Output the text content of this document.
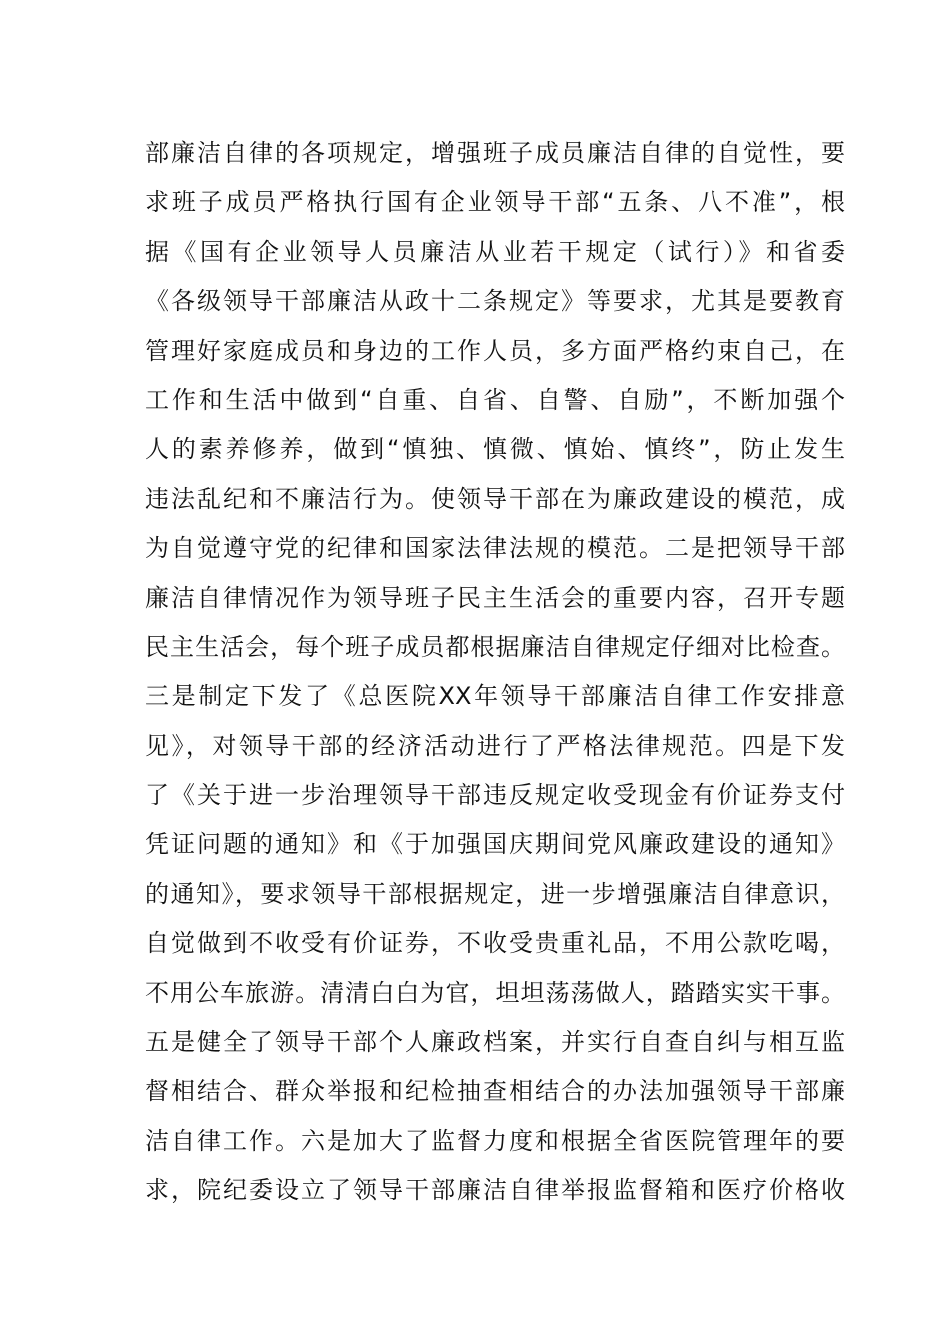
部廉洁自律的各项规定，增强班子成员廉洁自律的自觉性，要
求班子成员严格执行国有企业领导干部“五条、八不准”，根
据《国有企业领导人员廉洁从业若干规定（试行）》和省委
《各级领导干部廉洁从政十二条规定》等要求，尤其是要教育
管理好家庭成员和身边的工作人员，多方面严格约束自己，在
工作和生活中做到“自重、自省、自警、自励”，不断加强个
人的素养修养，做到“慎独、慎微、慎始、慎终”，防止发生
违法乱纪和不廉洁行为。使领导干部在为廉政建设的模范，成
为自觉遵守党的纪律和国家法律法规的模范。二是把领导干部
廉洁自律情况作为领导班子民主生活会的重要内容，召开专题
民主生活会，每个班子成员都根据廉洁自律规定仔细对比检查。
三是制定下发了《总医院XX年领导干部廉洁自律工作安排意
见》，对领导干部的经济活动进行了严格法律规范。四是下发
了《关于进一步治理领导干部违反规定收受现金有价证券支付
凭证问题的通知》和《于加强国庆期间党风廉政建设的通知》
的通知》，要求领导干部根据规定，进一步增强廉洁自律意识，
自觉做到不收受有价证券，不收受贵重礼品，不用公款吃喝，
不用公车旅游。清清白白为官，坦坦荡荡做人，踏踏实实干事。
五是健全了领导干部个人廉政档案，并实行自查自纠与相互监
督相结合、群众举报和纪检抽查相结合的办法加强领导干部廉
洁自律工作。六是加大了监督力度和根据全省医院管理年的要
求，院纪委设立了领导干部廉洁自律举报监督箱和医疗价格收
